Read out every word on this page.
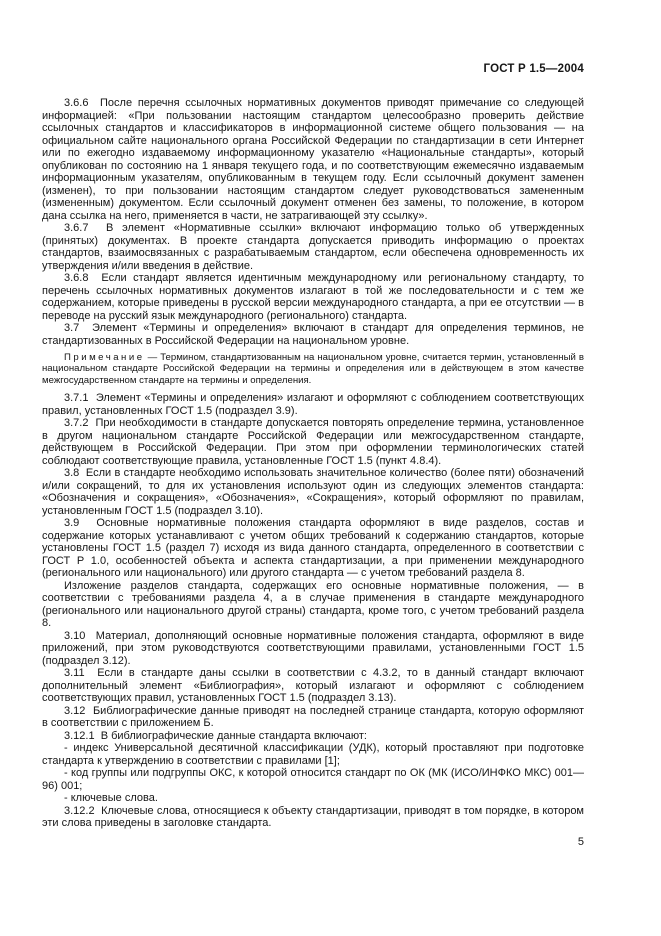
ГОСТ Р 1.5—2004

3.6.6  После перечня ссылочных нормативных документов приводят примечание со следующей информацией: «При пользовании настоящим стандартом целесообразно проверить действие ссылочных стандартов и классификаторов в информационной системе общего пользования — на официальном сайте национального органа Российской Федерации по стандартизации в сети Интернет или по ежегодно издаваемому информационному указателю «Национальные стандарты», который опубликован по состоянию на 1 января текущего года, и по соответствующим ежемесячно издаваемым информационным указателям, опубликованным в текущем году. Если ссылочный документ заменен (изменен), то при пользовании настоящим стандартом следует руководствоваться замененным (измененным) документом. Если ссылочный документ отменен без замены, то положение, в котором дана ссылка на него, применяется в части, не затрагивающей эту ссылку».

3.6.7  В элемент «Нормативные ссылки» включают информацию только об утвержденных (принятых) документах. В проекте стандарта допускается приводить информацию о проектах стандартов, взаимосвязанных с разрабатываемым стандартом, если обеспечена одновременность их утверждения и/или введения в действие.

3.6.8  Если стандарт является идентичным международному или региональному стандарту, то перечень ссылочных нормативных документов излагают в той же последовательности и с тем же содержанием, которые приведены в русской версии международного стандарта, а при ее отсутствии — в переводе на русский язык международного (регионального) стандарта.

3.7  Элемент «Термины и определения» включают в стандарт для определения терминов, не стандартизованных в Российской Федерации на национальном уровне.

Примечание — Термином, стандартизованным на национальном уровне, считается термин, установленный в национальном стандарте Российской Федерации на термины и определения или в действующем в этом качестве межгосударственном стандарте на термины и определения.

3.7.1  Элемент «Термины и определения» излагают и оформляют с соблюдением соответствующих правил, установленных ГОСТ 1.5 (подраздел 3.9).

3.7.2  При необходимости в стандарте допускается повторять определение термина, установленное в другом национальном стандарте Российской Федерации или межгосударственном стандарте, действующем в Российской Федерации. При этом при оформлении терминологических статей соблюдают соответствующие правила, установленные ГОСТ 1.5 (пункт 4.8.4).

3.8  Если в стандарте необходимо использовать значительное количество (более пяти) обозначений и/или сокращений, то для их установления используют один из следующих элементов стандарта: «Обозначения и сокращения», «Обозначения», «Сокращения», который оформляют по правилам, установленным ГОСТ 1.5 (подраздел 3.10).

3.9  Основные нормативные положения стандарта оформляют в виде разделов, состав и содержание которых устанавливают с учетом общих требований к содержанию стандартов, которые установлены ГОСТ 1.5 (раздел 7) исходя из вида данного стандарта, определенного в соответствии с ГОСТ Р 1.0, особенностей объекта и аспекта стандартизации, а при применении международного (регионального или национального) или другого стандарта — с учетом требований раздела 8.

Изложение разделов стандарта, содержащих его основные нормативные положения, — в соответствии с требованиями раздела 4, а в случае применения в стандарте международного (регионального или национального другой страны) стандарта, кроме того, с учетом требований раздела 8.

3.10  Материал, дополняющий основные нормативные положения стандарта, оформляют в виде приложений, при этом руководствуются соответствующими правилами, установленными ГОСТ 1.5 (подраздел 3.12).

3.11  Если в стандарте даны ссылки в соответствии с 4.3.2, то в данный стандарт включают дополнительный элемент «Библиография», который излагают и оформляют с соблюдением соответствующих правил, установленных ГОСТ 1.5 (подраздел 3.13).

3.12  Библиографические данные приводят на последней странице стандарта, которую оформляют в соответствии с приложением Б.

3.12.1  В библиографические данные стандарта включают:

- индекс Универсальной десятичной классификации (УДК), который проставляют при подготовке стандарта к утверждению в соответствии с правилами [1];

- код группы или подгруппы ОКС, к которой относится стандарт по ОК (МК (ИСО/ИНФКО МКС) 001—96) 001;

- ключевые слова.

3.12.2  Ключевые слова, относящиеся к объекту стандартизации, приводят в том порядке, в котором эти слова приведены в заголовке стандарта.

5
